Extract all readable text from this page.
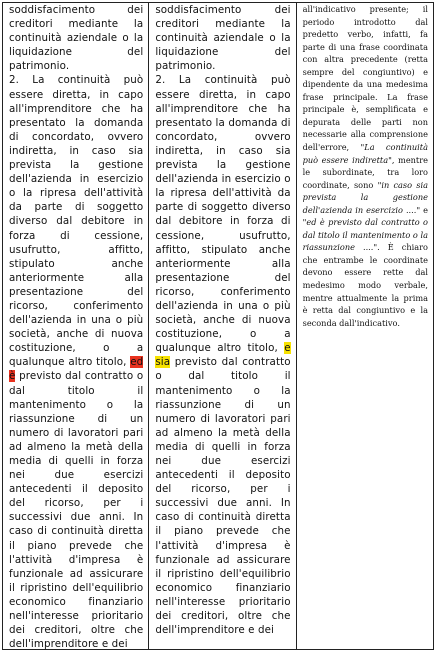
soddisfacimento dei creditori mediante la continuità aziendale o la liquidazione del patrimonio.

2. La continuità può essere diretta, in capo all'imprenditore che ha presentato la domanda di concordato, ovvero indiretta, in caso sia prevista la gestione dell'azienda in esercizio o la ripresa dell'attività da parte di soggetto diverso dal debitore in forza di cessione, usufrutto, affitto, stipulato anche anteriormente alla presentazione del ricorso, conferimento dell'azienda in una o più società, anche di nuova costituzione, o a qualunque altro titolo, ed è previsto dal contratto o dal titolo il mantenimento o la riassunzione di un numero di lavoratori pari ad almeno la metà della media di quelli in forza nei due esercizi antecedenti il deposito del ricorso, per i successivi due anni. In caso di continuità diretta il piano prevede che l'attività d'impresa è funzionale ad assicurare il ripristino dell'equilibrio economico finanziario nell'interesse prioritario dei creditori, oltre che dell'imprenditore e dei

soddisfacimento dei creditori mediante la continuità aziendale o la liquidazione del patrimonio.

2. La continuità può essere diretta, in capo all'imprenditore che ha presentato la domanda di concordato, ovvero indiretta, in caso sia prevista la gestione dell'azienda in esercizio o la ripresa dell'attività da parte di soggetto diverso dal debitore in forza di cessione, usufrutto, affitto, stipulato anche anteriormente alla presentazione del ricorso, conferimento dell'azienda in una o più società, anche di nuova costituzione, o a qualunque altro titolo, e sia previsto dal contratto o dal titolo il mantenimento o la riassunzione di un numero di lavoratori pari ad almeno la metà della media di quelli in forza nei due esercizi antecedenti il deposito del ricorso, per i successivi due anni. In caso di continuità diretta il piano prevede che l'attività d'impresa è funzionale ad assicurare il ripristino dell'equilibrio economico finanziario nell'interesse prioritario dei creditori, oltre che dell'imprenditore e dei

all'indicativo presente; il periodo introdotto dal predetto verbo, infatti, fa parte di una frase coordinata con altra precedente (retta sempre del congiuntivo) e dipendente da una medesima frase principale. La frase principale è, semplificata e depurata delle parti non necessarie alla comprensione dell'errore, "La continuità può essere indiretta", mentre le subordinate, tra loro coordinate, sono "in caso sia prevista la gestione dell'azienda in esercizio ...." e "ed è previsto dal contratto o dal titolo il mantenimento o la riassunzione ....". È chiaro che entrambe le coordinate devono essere rette dal medesimo modo verbale, mentre attualmente la prima è retta dal congiuntivo e la seconda dall'indicativo.
